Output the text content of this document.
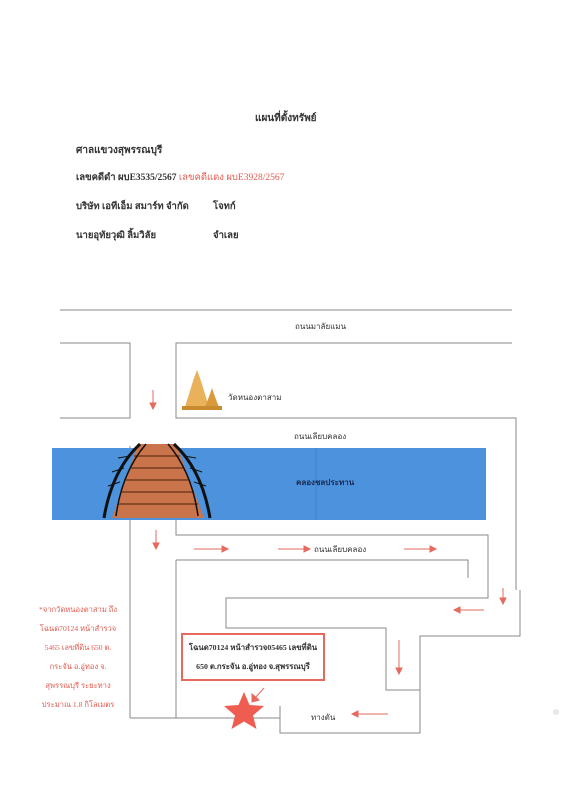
แผนที่ตั้งทรัพย์
ศาลแขวงสุพรรณบุรี
เลขคดีดำ ผบE3535/2567 เลขคดีแดง ผบE3928/2567
บริษัท เอทีเอ็ม สมาร์ท จำกัด	โจทก์
นายอุทัยวุฒิ ลิ้มวิลัย	จำเลย
ถนนมาลัยแมน
วัดหนองตาสาม
ถนนเลียบคลอง
คลองชลประทาน
ถนนเลียบคลอง
ทางตัน
*จากวัดหนองตาสาม ถึง
โฉนด70124 หน้าสำรวจ
5465 เลขที่ดิน 650 ต.
กระจัน อ.อู่ทอง จ.
สุพรรณบุรี ระยะทาง
ประมาณ 1.8 กิโลเมตร
โฉนด70124 หน้าสำรวจ05465 เลขที่ดิน
650 ต.กระจัน อ.อู่ทอง จ.สุพรรณบุรี
